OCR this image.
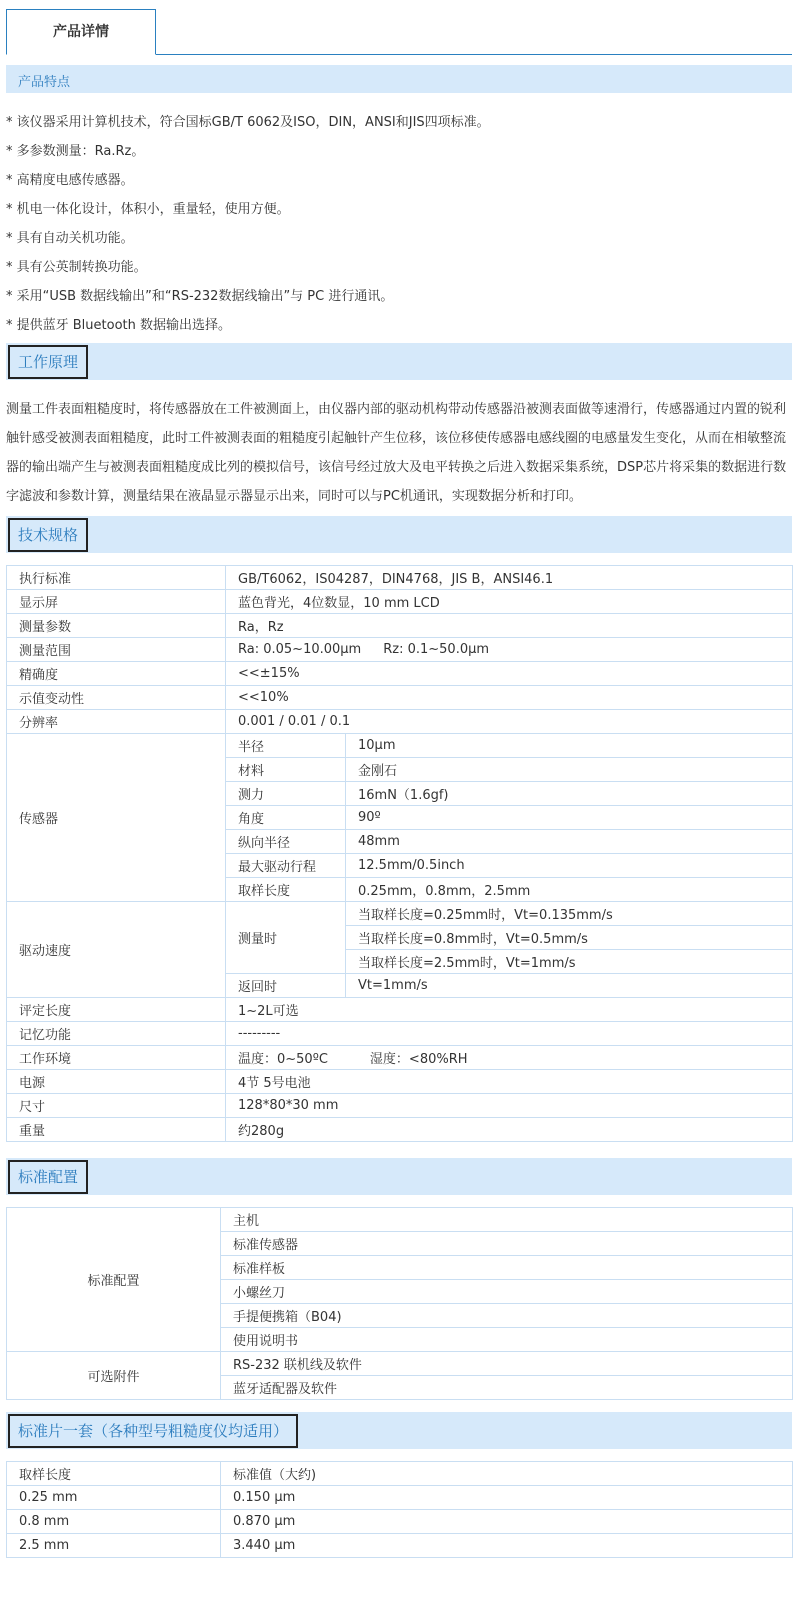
产品详情
产品特点
* 该仪器采用计算机技术，符合国标GB/T 6062及ISO，DIN，ANSI和JIS四项标准。
* 多参数测量：Ra.Rz。
* 高精度电感传感器。
* 机电一体化设计，体积小，重量轻，使用方便。
* 具有自动关机功能。
* 具有公英制转换功能。
* 采用“USB 数据线输出”和“RS-232数据线输出”与 PC 进行通讯。
* 提供蓝牙 Bluetooth 数据输出选择。
工作原理
测量工件表面粗糙度时，将传感器放在工件被测面上，由仪器内部的驱动机构带动传感器沿被测表面做等速滑行，传感器通过内置的锐利触针感受被测表面粗糙度，此时工件被测表面的粗糙度引起触针产生位移，该位移使传感器电感线圈的电感量发生变化，从而在相敏整流器的输出端产生与被测表面粗糙度成比列的模拟信号，该信号经过放大及电平转换之后进入数据采集系统，DSP芯片将采集的数据进行数字滤波和参数计算，测量结果在液晶显示器显示出来，同时可以与PC机通讯，实现数据分析和打印。
技术规格
执行标准	GB/T6062，IS04287，DIN4768，JIS B，ANSI46.1	
显示屏	蓝色背光，4位数显，10 mm LCD	
测量参数	Ra，Rz	
测量范围	Ra: 0.05~10.00μm Rz: 0.1~50.0μm	
精确度	<<±15%	
示值变动性	<<10%	
分辨率	0.001 / 0.01 / 0.1	
传感器	半径	10μm
	材料	金刚石
	测力	16mN（1.6gf)
	角度	90º
	纵向半径	48mm
	最大驱动行程	12.5mm/0.5inch
	取样长度	0.25mm，0.8mm，2.5mm
驱动速度	测量时	当取样长度=0.25mm时，Vt=0.135mm/s
		当取样长度=0.8mm时，Vt=0.5mm/s
		当取样长度=2.5mm时，Vt=1mm/s
	返回时	Vt=1mm/s
评定长度	1~2L可选	
记忆功能	---------	
工作环境	温度：0~50ºC 湿度：<80%RH	
电源	4节 5号电池	
尺寸	128*80*30 mm	
重量	约280g	
标准配置
标准配置	主机
	标准传感器
	标准样板
	小螺丝刀
	手提便携箱（B04)
	使用说明书
可选附件	RS-232 联机线及软件
	蓝牙适配器及软件
标准片一套（各种型号粗糙度仪均适用）
取样长度	标准值（大约)
0.25 mm	0.150 μm
0.8 mm	0.870 μm
2.5 mm	3.440 μm
